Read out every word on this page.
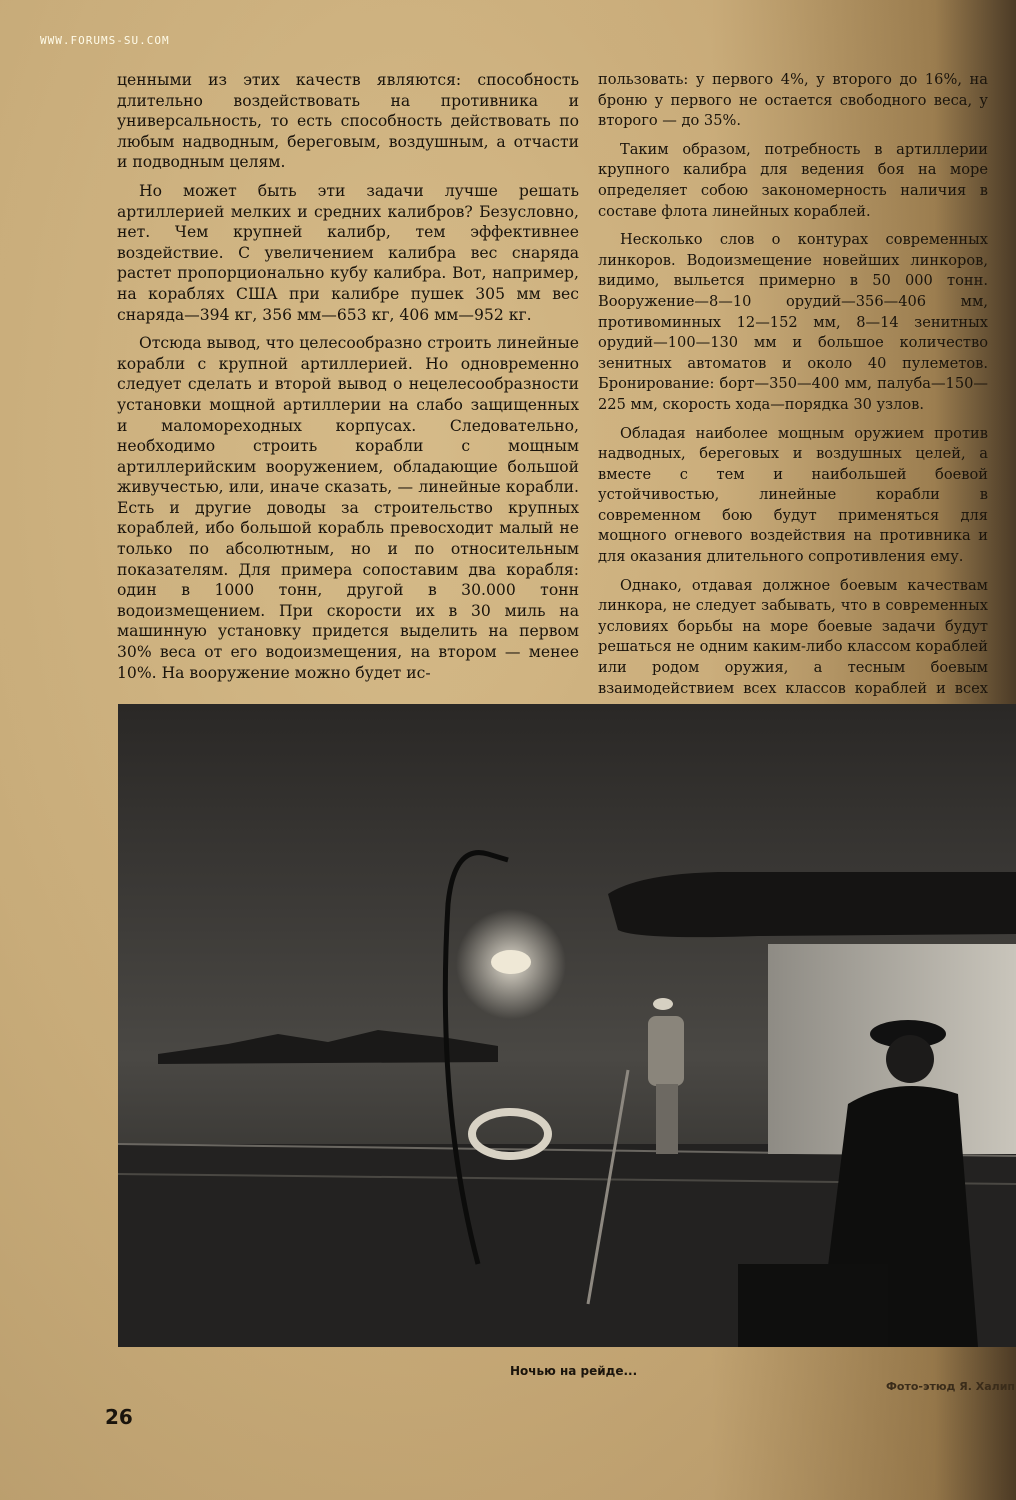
WWW.FORUMS-SU.COM

ценными из этих качеств являются: способность длительно воздействовать на противника и универсальность, то есть способность действовать по любым надводным, береговым, воздушным, а отчасти и подводным целям.

Но может быть эти задачи лучше решать артиллерией мелких и средних калибров? Безусловно, нет. Чем крупней калибр, тем эффективнее воздействие. С увеличением калибра вес снаряда растет пропорционально кубу калибра. Вот, например, на кораблях США при калибре пушек 305 мм вес снаряда—394 кг, 356 мм—653 кг, 406 мм—952 кг.

Отсюда вывод, что целесообразно строить линейные корабли с крупной артиллерией. Но одновременно следует сделать и второй вывод о нецелесообразности установки мощной артиллерии на слабо защищенных и маломореходных корпусах. Следовательно, необходимо строить корабли с мощным артиллерийским вооружением, обладающие большой живучестью, или, иначе сказать, — линейные корабли. Есть и другие доводы за строительство крупных кораблей, ибо большой корабль превосходит малый не только по абсолютным, но и по относительным показателям. Для примера сопоставим два корабля: один в 1000 тонн, другой в 30.000 тонн водоизмещением. При скорости их в 30 миль на машинную установку придется выделить на первом 30% веса от его водоизмещения, на втором — менее 10%. На вооружение можно будет ис-

пользовать: у первого 4%, у второго до 16%, на броню у первого не остается свободного веса, у второго — до 35%.

Таким образом, потребность в артиллерии крупного калибра для ведения боя на море определяет собою закономерность наличия в составе флота линейных кораблей.

Несколько слов о контурах современных линкоров. Водоизмещение новейших линкоров, видимо, выльется примерно в 50 000 тонн. Вооружение—8—10 орудий—356—406 мм, противоминных 12—152 мм, 8—14 зенитных орудий—100—130 мм и большое количество зенитных автоматов и около 40 пулеметов. Бронирование: борт—350—400 мм, палуба—150—225 мм, скорость хода—порядка 30 узлов.

Обладая наиболее мощным оружием против надводных, береговых и воздушных целей, а вместе с тем и наибольшей боевой устойчивостью, линейные корабли в современном бою будут применяться для мощного огневого воздействия на противника и для оказания длительного сопротивления ему.

Однако, отдавая должное боевым качествам линкора, не следует забывать, что в современных условиях борьбы на море боевые задачи будут решаться не одним каким-либо классом кораблей или родом оружия, а тесным боевым взаимодействием всех классов кораблей и всех

Ночью на рейде...
Фото-этюд Я. Халип
26
